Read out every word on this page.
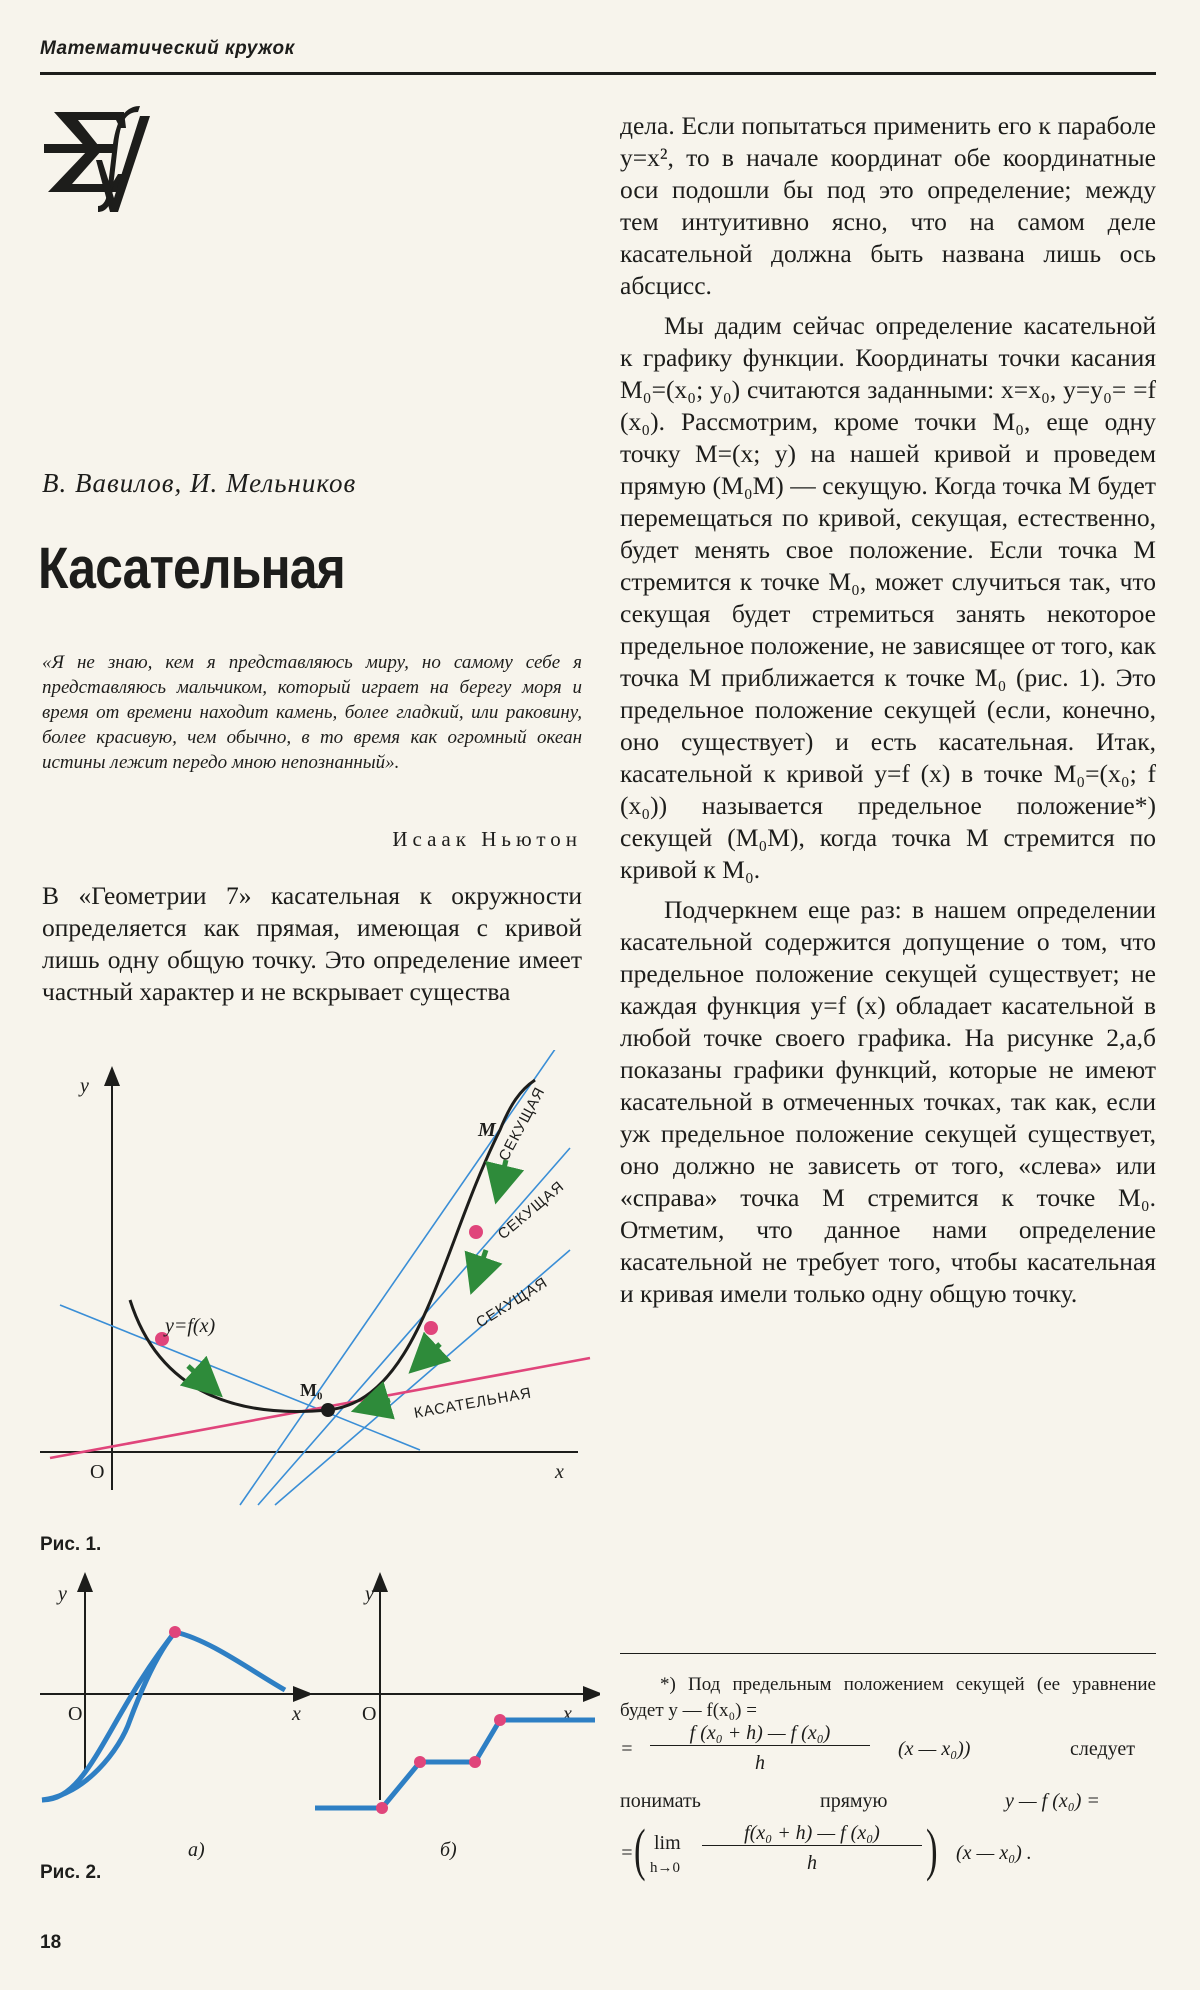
Математический кружок
В. Вавилов, И. Мельников
Касательная
«Я не знаю, кем я представляюсь миру, но самому себе я представляюсь мальчиком, который играет на берегу моря и время от времени находит камень, более гладкий, или раковину, более красивую, чем обычно, в то время как огромный океан истины лежит передо мною непознанный».
Исаак Ньютон
В «Геометрии 7» касательная к окружности определяется как прямая, имеющая с кривой лишь одну общую точку. Это определение имеет частный характер и не вскрывает существа
y
x
O
y=f(x)
M₀
M СЕКУЩАЯ
СЕКУЩАЯ
СЕКУЩАЯ
КАСАТЕЛЬНАЯ
Рис. 1.
y
x
O
а)
y
x
O
б)
Рис. 2.

дела. Если попытаться применить его к параболе y=x², то в начале координат обе координатные оси подошли бы под это определение; между тем интуитивно ясно, что на самом деле касательной должна быть названа лишь ось абсцисс.

Мы дадим сейчас определение касательной к графику функции. Координаты точки касания M₀=(x₀; y₀) считаются заданными: x=x₀, y=y₀= =f (x₀). Рассмотрим, кроме точки M₀, еще одну точку M=(x; y) на нашей кривой и проведем прямую (M₀M) — секущую. Когда точка M будет перемещаться по кривой, секущая, естественно, будет менять свое положение. Если точка M стремится к точке M₀, может случиться так, что секущая будет стремиться занять некоторое предельное положение, не зависящее от того, как точка M приближается к точке M₀ (рис. 1). Это предельное положение секущей (если, конечно, оно существует) и есть касательная. Итак, касательной к кривой y=f (x) в точке M₀=(x₀; f (x₀)) называется предельное положение*) секущей (M₀M), когда точка M стремится по кривой к M₀.

Подчеркнем еще раз: в нашем определении касательной содержится допущение о том, что предельное положение секущей существует; не каждая функция y=f (x) обладает касательной в любой точке своего графика. На рисунке 2,а,б показаны графики функций, которые не имеют касательной в отмеченных точках, так как, если уж предельное положение секущей существует, оно должно не зависеть от того, «слева» или «справа» точка M стремится к точке M₀. Отметим, что данное нами определение касательной не требует того, чтобы касательная и кривая имели только одну общую точку.

*) Под предельным положением секущей (ее уравнение будет y — f(x₀) =
=
f (x₀ + h) — f (x₀)
h
(x — x₀))	следует
понимать	прямую	y — f (x₀) =
= ( lim
h→0
f(x₀ + h) — f (x₀)
h	) (x — x₀) .
18
